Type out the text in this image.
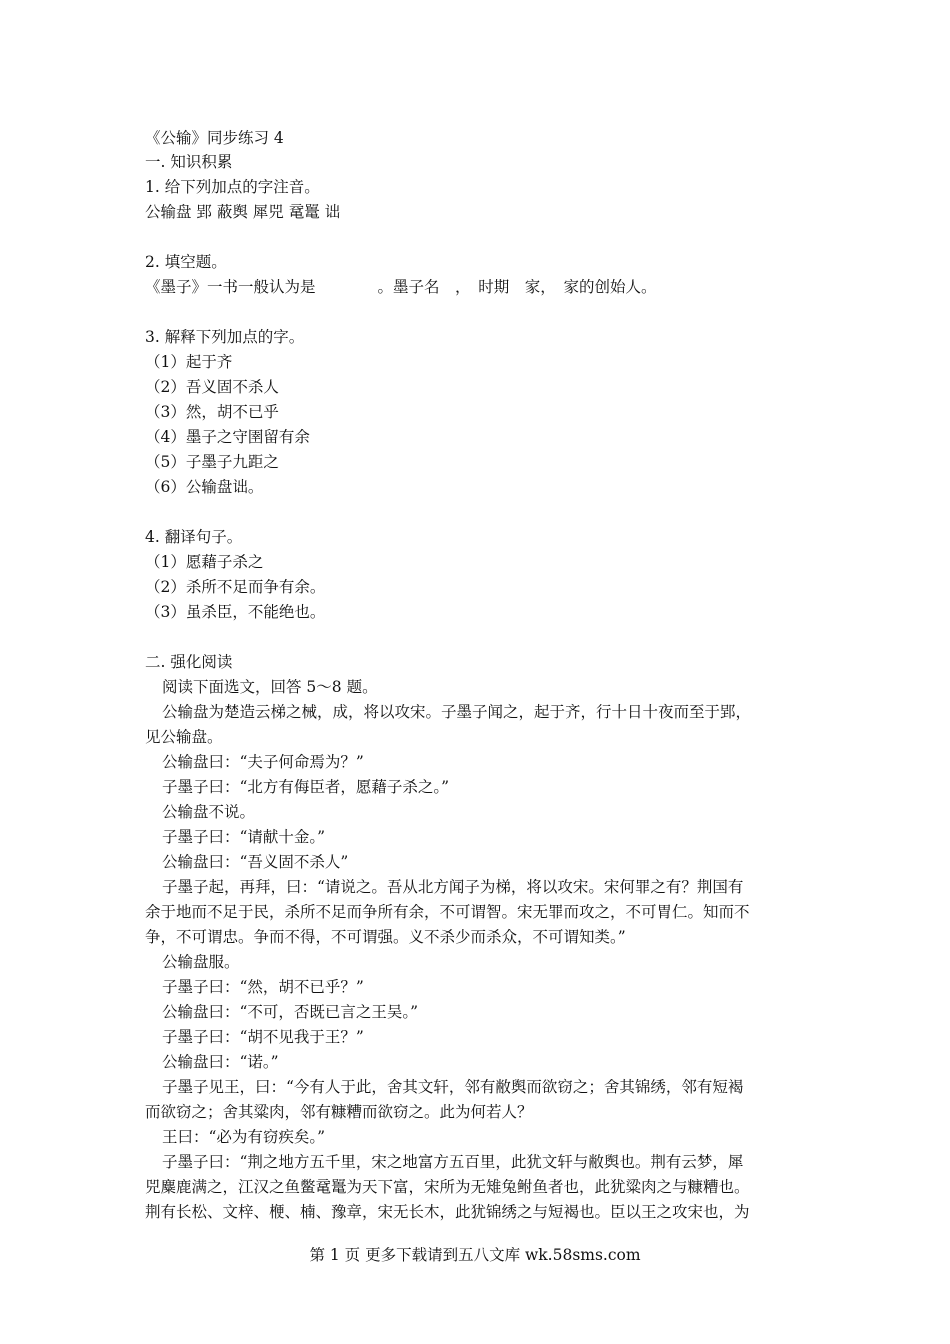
《公输》同步练习 4
一. 知识积累
1. 给下列加点的字注音。
公输盘 郢 蔽舆 犀兕 鼋鼍 诎
2. 填空题。
《墨子》一书一般认为是　　　　。墨子名　，　时期　家，　家的创始人。
3. 解释下列加点的字。
（1）起于齐
（2）吾义固不杀人
（3）然，胡不已乎
（4）墨子之守圉留有余
（5）子墨子九距之
（6）公输盘诎。
4. 翻译句子。
（1）愿藉子杀之
（2）杀所不足而争有余。
（3）虽杀臣，不能绝也。
二. 强化阅读
阅读下面选文，回答 5～8 题。
公输盘为楚造云梯之械，成，将以攻宋。子墨子闻之，起于齐，行十日十夜而至于郢，
见公输盘。
公输盘曰：“夫子何命焉为？”
子墨子曰：“北方有侮臣者，愿藉子杀之。”
公输盘不说。
子墨子曰：“请献十金。”
公输盘曰：“吾义固不杀人”
子墨子起，再拜，曰：“请说之。吾从北方闻子为梯，将以攻宋。宋何罪之有？荆国有
余于地而不足于民，杀所不足而争所有余，不可谓智。宋无罪而攻之，不可胃仁。知而不
争，不可谓忠。争而不得，不可谓强。义不杀少而杀众，不可谓知类。”
公输盘服。
子墨子曰：“然，胡不已乎？”
公输盘曰：“不可，否既已言之王吴。”
子墨子曰：“胡不见我于王？”
公输盘曰：“诺。”
子墨子见王，曰：“今有人于此，舍其文轩，邻有敝舆而欲窃之；舍其锦绣，邻有短褐
而欲窃之；舍其粱肉，邻有糠糟而欲窃之。此为何若人？
王曰：“必为有窃疾矣。”
子墨子曰：“荆之地方五千里，宋之地富方五百里，此犹文轩与敝舆也。荆有云梦，犀
兕麋鹿满之，江汉之鱼鳖鼋鼍为天下富，宋所为无雉兔鲋鱼者也，此犹粱肉之与糠糟也。
荆有长松、文梓、楩、楠、豫章，宋无长木，此犹锦绣之与短褐也。臣以王之攻宋也，为
第 1 页 更多下载请到五八文库 wk.58sms.com
